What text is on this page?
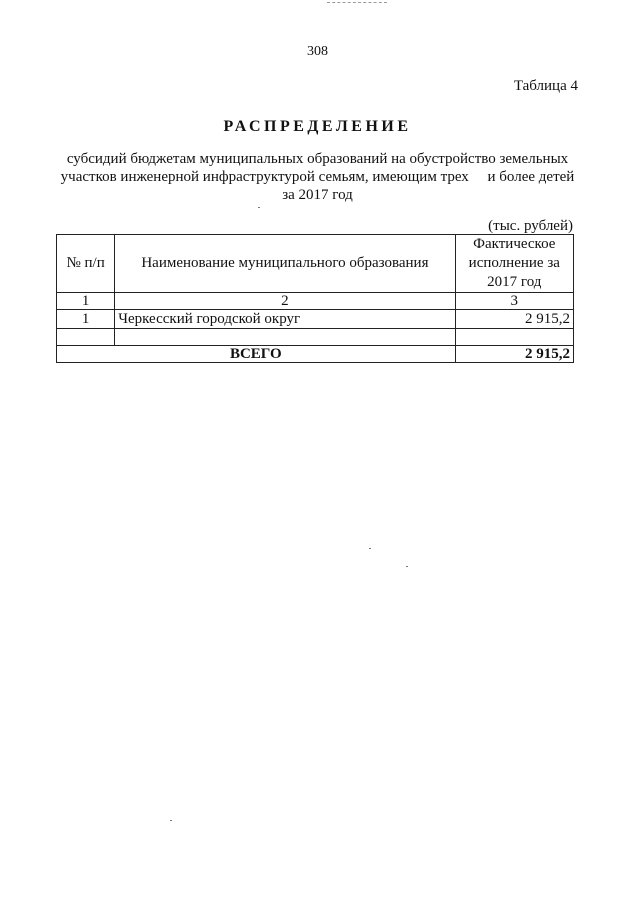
308
Таблица 4
РАСПРЕДЕЛЕНИЕ
субсидий бюджетам муниципальных образований на обустройство земельных
участков инженерной инфраструктурой семьям, имеющим трех     и более детей
за 2017 год
(тыс. рублей)
№ п/п	Наименование муниципального образования	Фактическое исполнение за 2017 год
1	2	3
1	Черкесский городской округ	2 915,2

ВСЕГО		2 915,2
